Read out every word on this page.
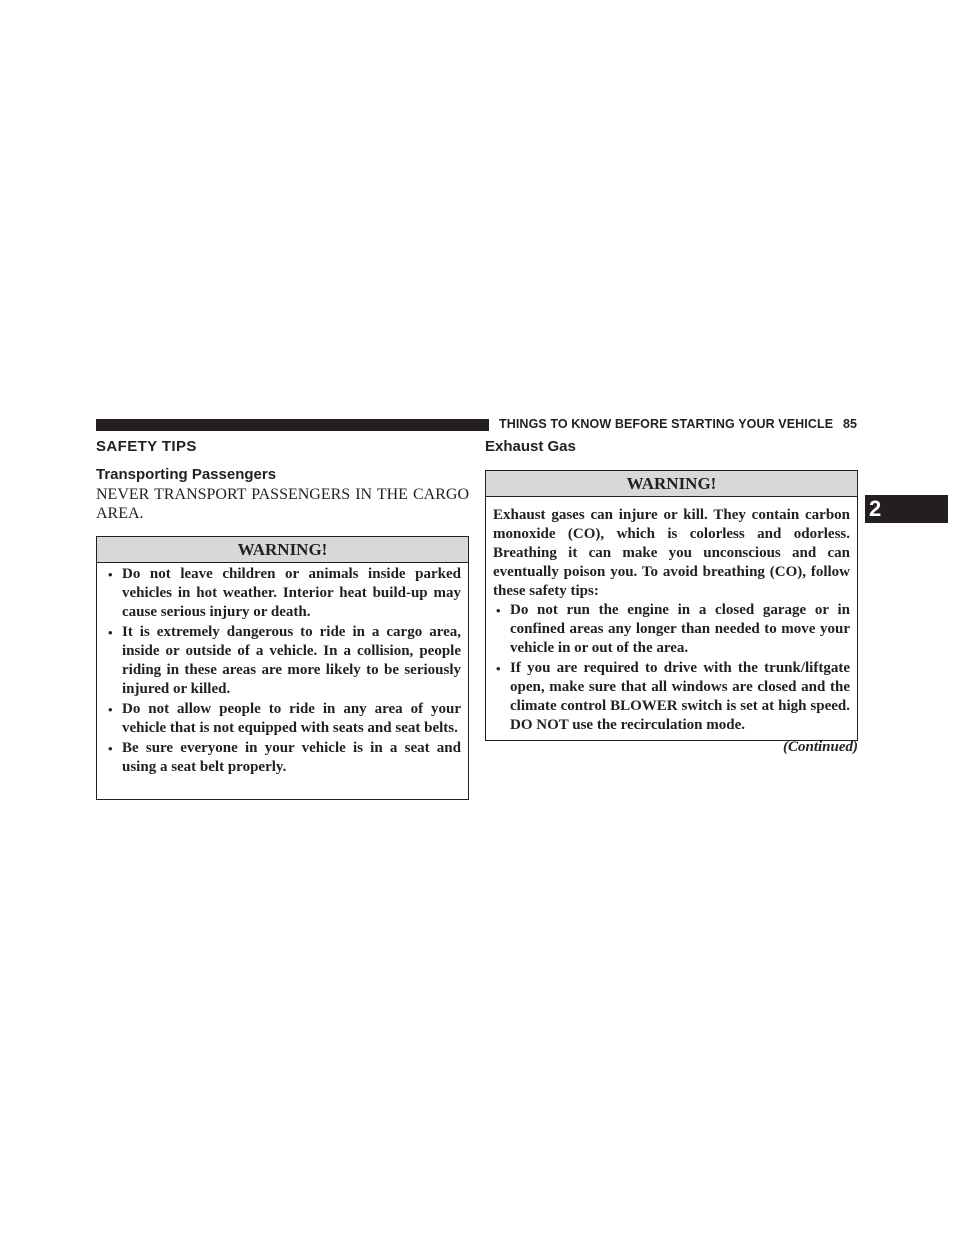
THINGS TO KNOW BEFORE STARTING YOUR VEHICLE 85
2
SAFETY TIPS
Transporting Passengers
NEVER TRANSPORT PASSENGERS IN THE CARGO AREA.
WARNING!
• Do not leave children or animals inside parked vehicles in hot weather. Interior heat build-up may cause serious injury or death.
• It is extremely dangerous to ride in a cargo area, inside or outside of a vehicle. In a collision, people riding in these areas are more likely to be seriously injured or killed.
• Do not allow people to ride in any area of your vehicle that is not equipped with seats and seat belts.
• Be sure everyone in your vehicle is in a seat and using a seat belt properly.
Exhaust Gas
WARNING!

Exhaust gases can injure or kill. They contain carbon monoxide (CO), which is colorless and odorless. Breathing it can make you unconscious and can eventually poison you. To avoid breathing (CO), follow these safety tips:

• Do not run the engine in a closed garage or in confined areas any longer than needed to move your vehicle in or out of the area.
• If you are required to drive with the trunk/liftgate open, make sure that all windows are closed and the climate control BLOWER switch is set at high speed. DO NOT use the recirculation mode.
(Continued)
